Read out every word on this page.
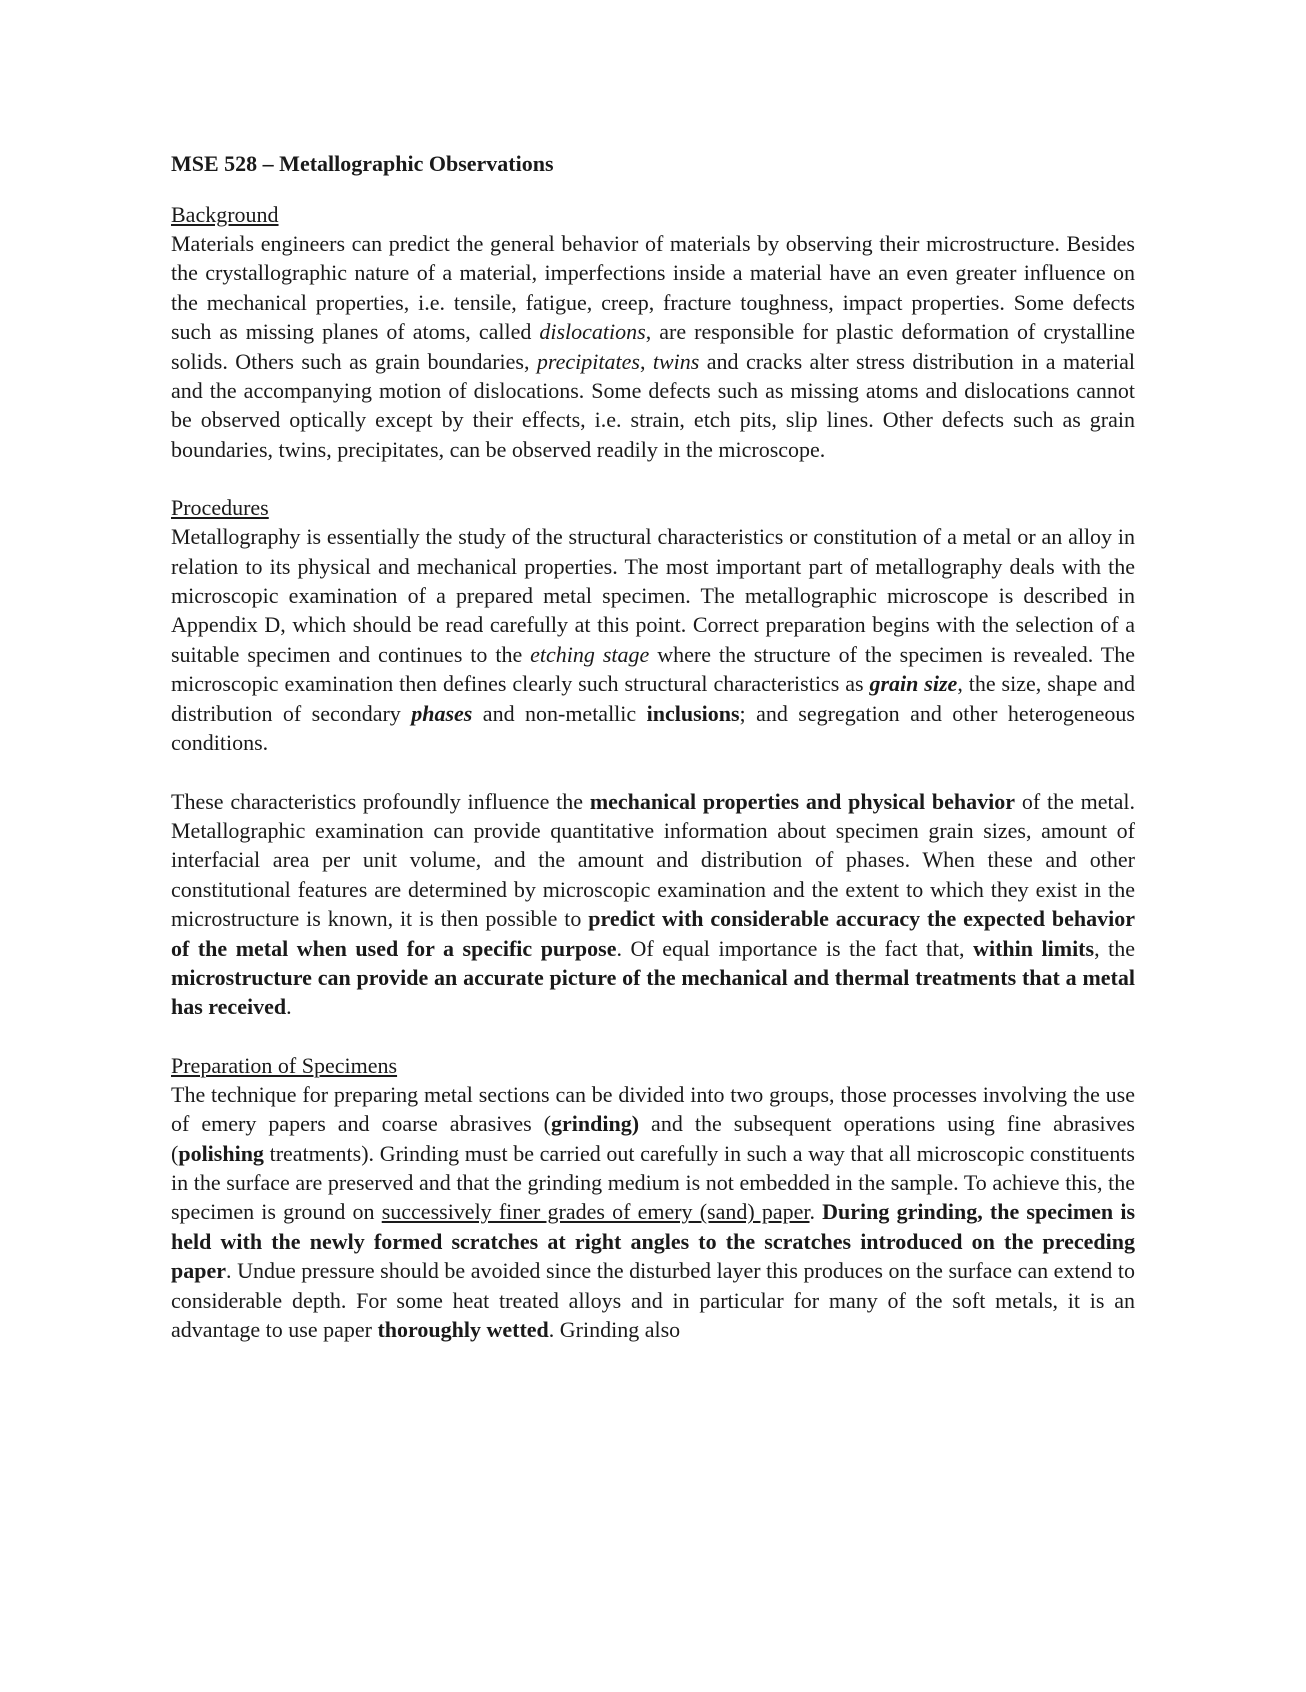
MSE 528 – Metallographic Observations
Background

Materials engineers can predict the general behavior of materials by observing their microstructure. Besides the crystallographic nature of a material, imperfections inside a material have an even greater influence on the mechanical properties, i.e. tensile, fatigue, creep, fracture toughness, impact properties. Some defects such as missing planes of atoms, called dislocations, are responsible for plastic deformation of crystalline solids. Others such as grain boundaries, precipitates, twins and cracks alter stress distribution in a material and the accompanying motion of dislocations. Some defects such as missing atoms and dislocations cannot be observed optically except by their effects, i.e. strain, etch pits, slip lines. Other defects such as grain boundaries, twins, precipitates, can be observed readily in the microscope.

Procedures

Metallography is essentially the study of the structural characteristics or constitution of a metal or an alloy in relation to its physical and mechanical properties. The most important part of metallography deals with the microscopic examination of a prepared metal specimen. The metallographic microscope is described in Appendix D, which should be read carefully at this point. Correct preparation begins with the selection of a suitable specimen and continues to the etching stage where the structure of the specimen is revealed. The microscopic examination then defines clearly such structural characteristics as grain size, the size, shape and distribution of secondary phases and non-metallic inclusions; and segregation and other heterogeneous conditions.

These characteristics profoundly influence the mechanical properties and physical behavior of the metal. Metallographic examination can provide quantitative information about specimen grain sizes, amount of interfacial area per unit volume, and the amount and distribution of phases. When these and other constitutional features are determined by microscopic examination and the extent to which they exist in the microstructure is known, it is then possible to predict with considerable accuracy the expected behavior of the metal when used for a specific purpose. Of equal importance is the fact that, within limits, the microstructure can provide an accurate picture of the mechanical and thermal treatments that a metal has received.

Preparation of Specimens

The technique for preparing metal sections can be divided into two groups, those processes involving the use of emery papers and coarse abrasives (grinding) and the subsequent operations using fine abrasives (polishing treatments). Grinding must be carried out carefully in such a way that all microscopic constituents in the surface are preserved and that the grinding medium is not embedded in the sample. To achieve this, the specimen is ground on successively finer grades of emery (sand) paper. During grinding, the specimen is held with the newly formed scratches at right angles to the scratches introduced on the preceding paper. Undue pressure should be avoided since the disturbed layer this produces on the surface can extend to considerable depth. For some heat treated alloys and in particular for many of the soft metals, it is an advantage to use paper thoroughly wetted. Grinding also
